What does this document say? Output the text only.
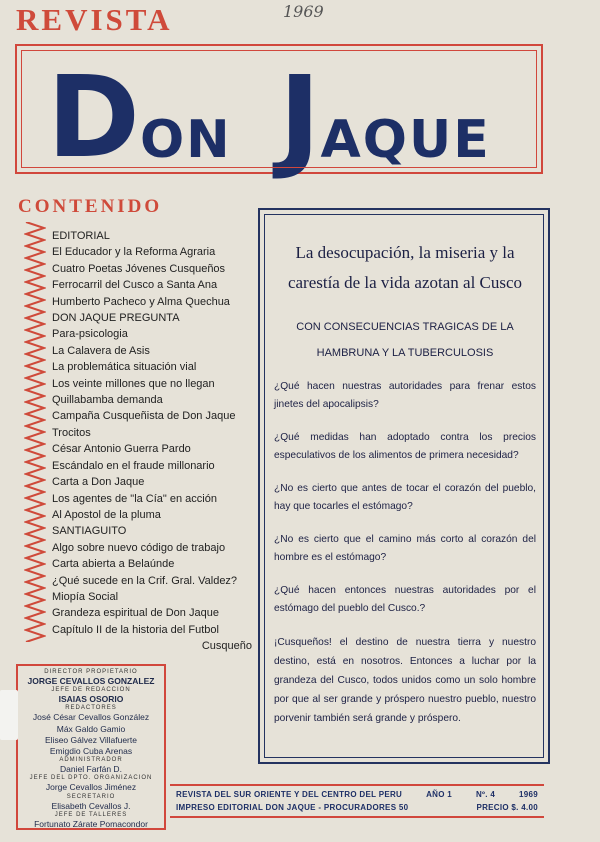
REVISTA	1969
DON JAQUE
CONTENIDO
EDITORIAL
El Educador y la Reforma Agraria
Cuatro Poetas Jóvenes Cusqueños
Ferrocarril del Cusco a Santa Ana
Humberto Pacheco y Alma Quechua
DON JAQUE PREGUNTA
Para-psicologia
La Calavera de Asis
La problemática situación vial
Los veinte millones que no llegan
Quillabamba demanda
Campaña Cusqueñista de Don Jaque
Trocitos
César Antonio Guerra Pardo
Escándalo en el fraude millonario
Carta a Don Jaque
Los agentes de "la Cía" en acción
Al Apostol de la pluma
SANTIAGUITO
Algo sobre nuevo código de trabajo
Carta abierta a Belaúnde
¿Qué sucede en la Crif. Gral. Valdez?
Miopía Social
Grandeza espiritual de Don Jaque
Capítulo II de la historia del Futbol
Cusqueño
DIRECTOR PROPIETARIO
JORGE CEVALLOS GONZALEZ
JEFE DE REDACCION
ISAIAS OSORIO
REDACTORES
José César Cevallos González
Máx Galdo Gamio
Eliseo Gálvez Villafuerte
Emigdio Cuba Arenas
ADMINISTRADOR
Daniel Farfán D.
JEFE DEL DPTO. ORGANIZACION
Jorge Cevallos Jiménez
SECRETARIO
Elisabeth Cevallos J.
JEFE DE TALLERES
Fortunato Zárate Pomacondor

La desocupación, la miseria y la carestía de la vida azotan al Cusco

CON CONSECUENCIAS TRAGICAS DE LA HAMBRUNA Y LA TUBERCULOSIS

¿Qué hacen nuestras autoridades para frenar estos jinetes del apocalipsis?

¿Qué medidas han adoptado contra los precios especulativos de los alimentos de primera necesidad?

¿No es cierto que antes de tocar el corazón del pueblo, hay que tocarles el estómago?

¿No es cierto que el camino más corto al corazón del hombre es el estómago?

¿Qué hacen entonces nuestras autoridades por el estómago del pueblo del Cusco.?

¡Cusqueños! el destino de nuestra tierra y nuestro destino, está en nosotros. Entonces a luchar por la grandeza del Cusco, todos unidos como un solo hombre por que al ser grande y próspero nuestro pueblo, nuestro porvenir también será grande y próspero.

REVISTA DEL SUR ORIENTE Y DEL CENTRO DEL PERU	AÑO 1	Nº. 4	1969
IMPRESO EDITORIAL DON JAQUE - PROCURADORES 50	PRECIO $. 4.00
